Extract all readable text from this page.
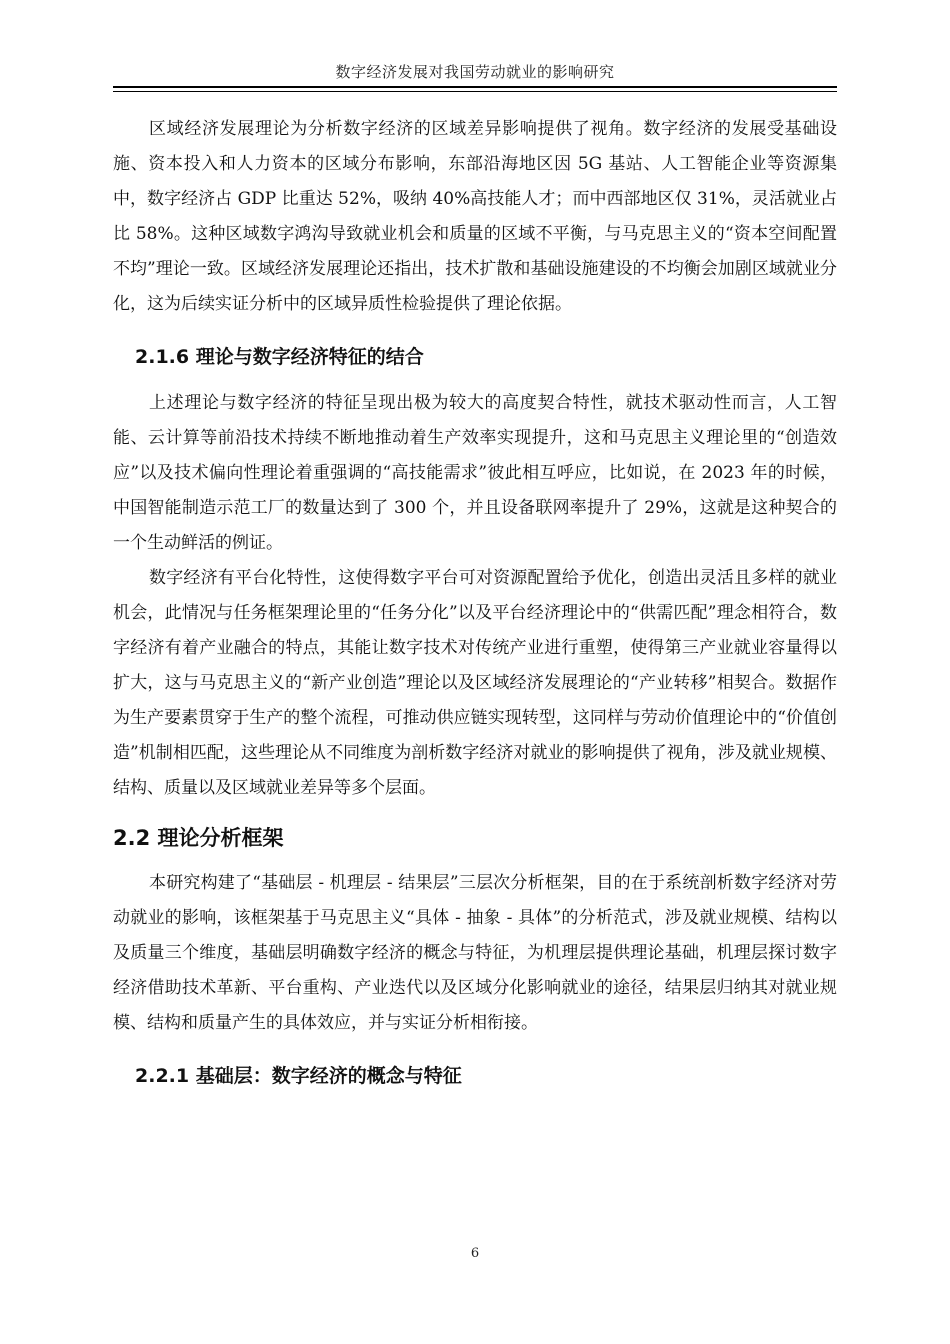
数字经济发展对我国劳动就业的影响研究

区域经济发展理论为分析数字经济的区域差异影响提供了视角。数字经济的发展受基础设施、资本投入和人力资本的区域分布影响，东部沿海地区因 5G 基站、人工智能企业等资源集中，数字经济占 GDP 比重达 52%，吸纳 40%高技能人才；而中西部地区仅 31%，灵活就业占比 58%。这种区域数字鸿沟导致就业机会和质量的区域不平衡，与马克思主义的“资本空间配置不均”理论一致。区域经济发展理论还指出，技术扩散和基础设施建设的不均衡会加剧区域就业分化，这为后续实证分析中的区域异质性检验提供了理论依据。

2.1.6 理论与数字经济特征的结合

上述理论与数字经济的特征呈现出极为较大的高度契合特性，就技术驱动性而言，人工智能、云计算等前沿技术持续不断地推动着生产效率实现提升，这和马克思主义理论里的“创造效应”以及技术偏向性理论着重强调的“高技能需求”彼此相互呼应，比如说，在 2023 年的时候，中国智能制造示范工厂的数量达到了 300 个，并且设备联网率提升了 29%，这就是这种契合的一个生动鲜活的例证。

数字经济有平台化特性，这使得数字平台可对资源配置给予优化，创造出灵活且多样的就业机会，此情况与任务框架理论里的“任务分化”以及平台经济理论中的“供需匹配”理念相符合，数字经济有着产业融合的特点，其能让数字技术对传统产业进行重塑，使得第三产业就业容量得以扩大，这与马克思主义的“新产业创造”理论以及区域经济发展理论的“产业转移”相契合。数据作为生产要素贯穿于生产的整个流程，可推动供应链实现转型，这同样与劳动价值理论中的“价值创造”机制相匹配，这些理论从不同维度为剖析数字经济对就业的影响提供了视角，涉及就业规模、结构、质量以及区域就业差异等多个层面。

2.2 理论分析框架

本研究构建了“基础层 - 机理层 - 结果层”三层次分析框架，目的在于系统剖析数字经济对劳动就业的影响，该框架基于马克思主义“具体 - 抽象 - 具体”的分析范式，涉及就业规模、结构以及质量三个维度，基础层明确数字经济的概念与特征，为机理层提供理论基础，机理层探讨数字经济借助技术革新、平台重构、产业迭代以及区域分化影响就业的途径，结果层归纳其对就业规模、结构和质量产生的具体效应，并与实证分析相衔接。

2.2.1 基础层：数字经济的概念与特征
6
